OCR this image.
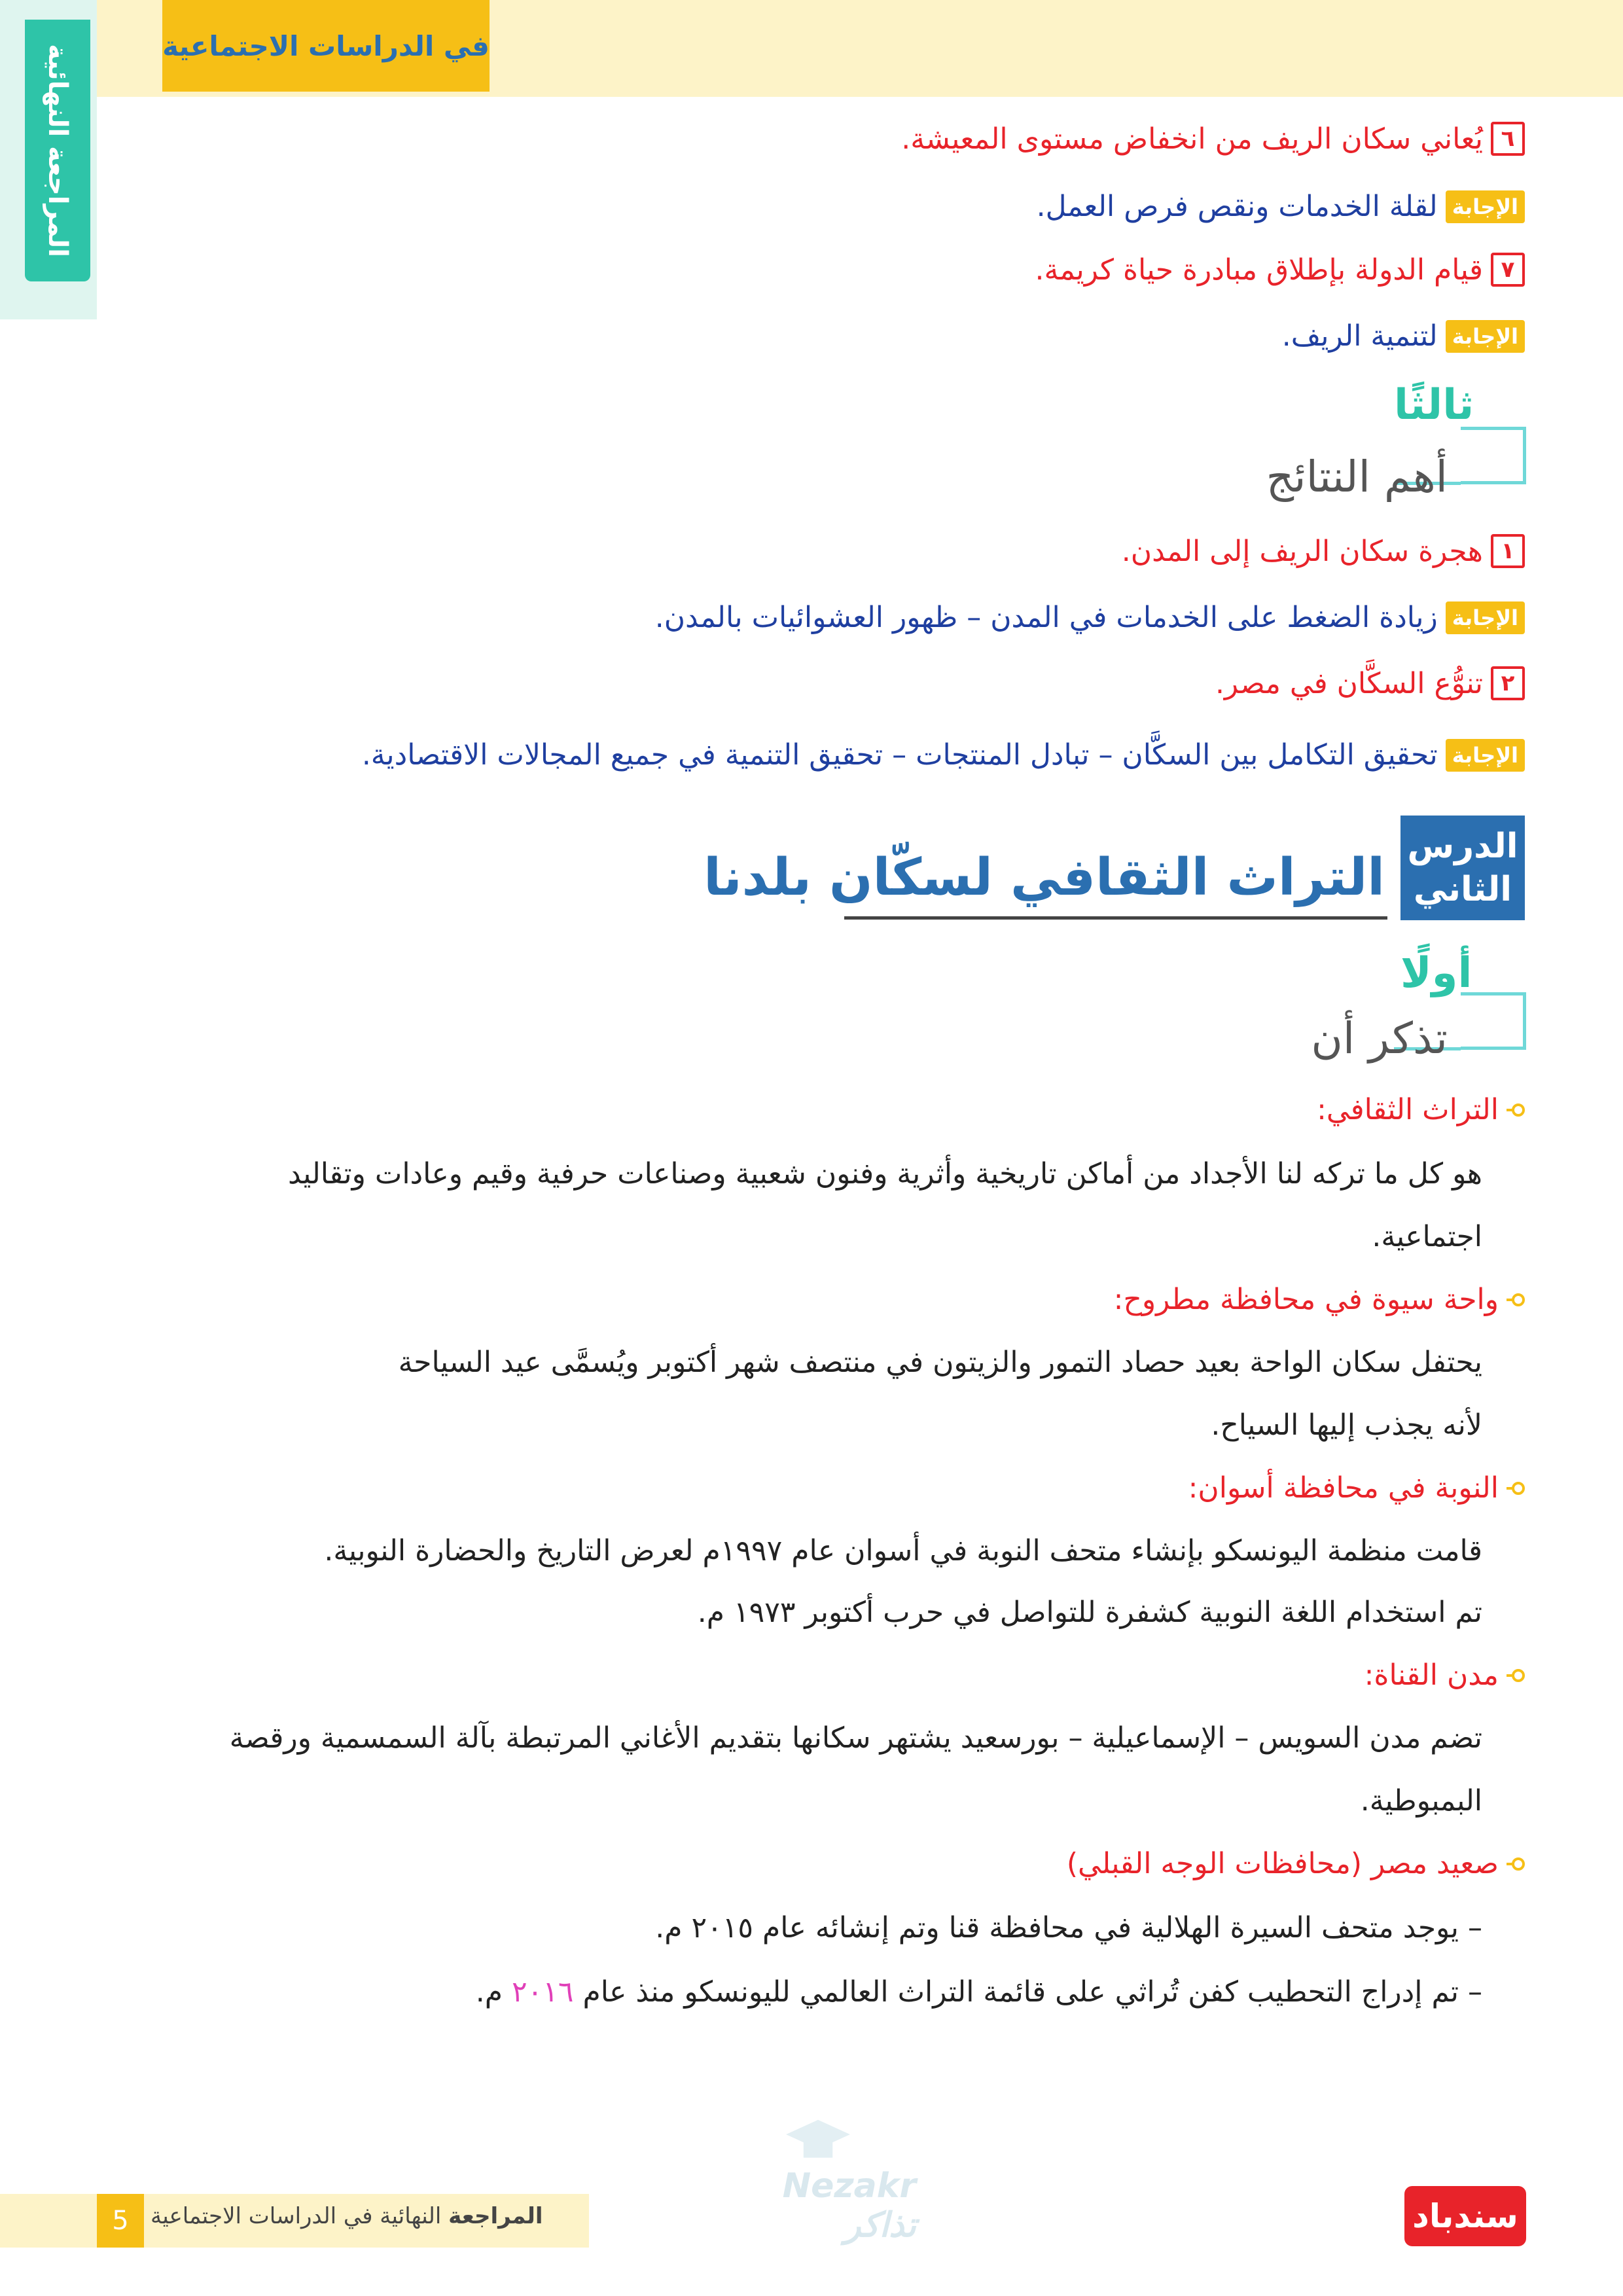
في الدراسات الاجتماعية
المراجعة النهائية	٦
يُعاني سكان الريف من انخفاض مستوى المعيشة.
الإجابة
لقلة الخدمات ونقص فرص العمل.
٧
قيام الدولة بإطلاق مبادرة حياة كريمة.
الإجابة
لتنمية الريف.
ثالثًا
أهم النتائج
١
هجرة سكان الريف إلى المدن.
الإجابة
زيادة الضغط على الخدمات في المدن – ظهور العشوائيات بالمدن.
٢
تنوُّع السكَّان في مصر.
الإجابة
تحقيق التكامل بين السكَّان – تبادل المنتجات – تحقيق التنمية في جميع المجالات الاقتصادية.
الدرس
الثاني
التراث الثقافي لسكّان بلدنا
أولًا
تذكر أن
التراث الثقافي:
هو كل ما تركه لنا الأجداد من أماكن تاريخية وأثرية وفنون شعبية وصناعات حرفية وقيم وعادات وتقاليد
اجتماعية.
واحة سيوة في محافظة مطروح:
يحتفل سكان الواحة بعيد حصاد التمور والزيتون في منتصف شهر أكتوبر ويُسمَّى عيد السياحة
لأنه يجذب إليها السياح.
النوبة في محافظة أسوان:
قامت منظمة اليونسكو بإنشاء متحف النوبة في أسوان عام ١٩٩٧م لعرض التاريخ والحضارة النوبية.
تم استخدام اللغة النوبية كشفرة للتواصل في حرب أكتوبر ١٩٧٣ م.
مدن القناة:
تضم مدن السويس – الإسماعيلية – بورسعيد يشتهر سكانها بتقديم الأغاني المرتبطة بآلة السمسمية ورقصة
البمبوطية.
صعيد مصر (محافظات الوجه القبلي)
– يوجد متحف السيرة الهلالية في محافظة قنا وتم إنشائه عام ٢٠١٥ م.
– تم إدراج التحطيب كفن تُراثي على قائمة التراث العالمي لليونسكو منذ عام ٢٠١٦ م.
Nezakr تذاكر
5	المراجعة النهائية في الدراسات الاجتماعية	سندباد
